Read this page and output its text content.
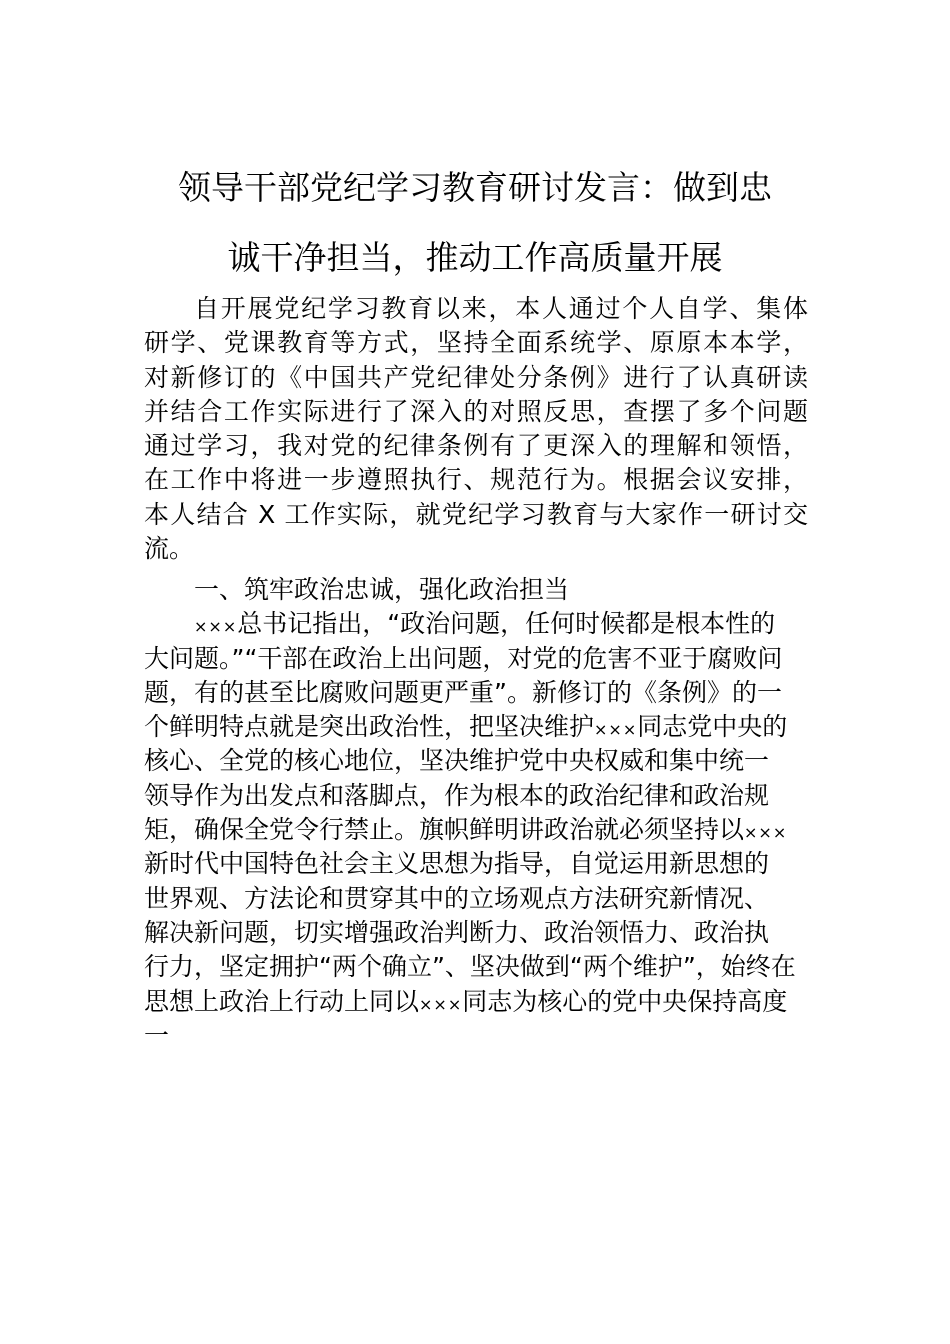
领导干部党纪学习教育研讨发言：做到忠
诚干净担当，推动工作高质量开展
自开展党纪学习教育以来，本人通过个人自学、集体
研学、党课教育等方式，坚持全面系统学、原原本本学，
对新修订的《中国共产党纪律处分条例》进行了认真研读
并结合工作实际进行了深入的对照反思，查摆了多个问题
通过学习，我对党的纪律条例有了更深入的理解和领悟，
在工作中将进一步遵照执行、规范行为。根据会议安排，
本人结合 X 工作实际，就党纪学习教育与大家作一研讨交
流。
一、筑牢政治忠诚，强化政治担当
×××总书记指出，“政治问题，任何时候都是根本性的
大问题。”“干部在政治上出问题，对党的危害不亚于腐败问
题，有的甚至比腐败问题更严重”。新修订的《条例》的一
个鲜明特点就是突出政治性，把坚决维护×××同志党中央的
核心、全党的核心地位，坚决维护党中央权威和集中统一
领导作为出发点和落脚点，作为根本的政治纪律和政治规
矩，确保全党令行禁止。旗帜鲜明讲政治就必须坚持以×××
新时代中国特色社会主义思想为指导，自觉运用新思想的
世界观、方法论和贯穿其中的立场观点方法研究新情况、
解决新问题，切实增强政治判断力、政治领悟力、政治执
行力，坚定拥护“两个确立”、坚决做到“两个维护”，始终在
思想上政治上行动上同以×××同志为核心的党中央保持高度
一
